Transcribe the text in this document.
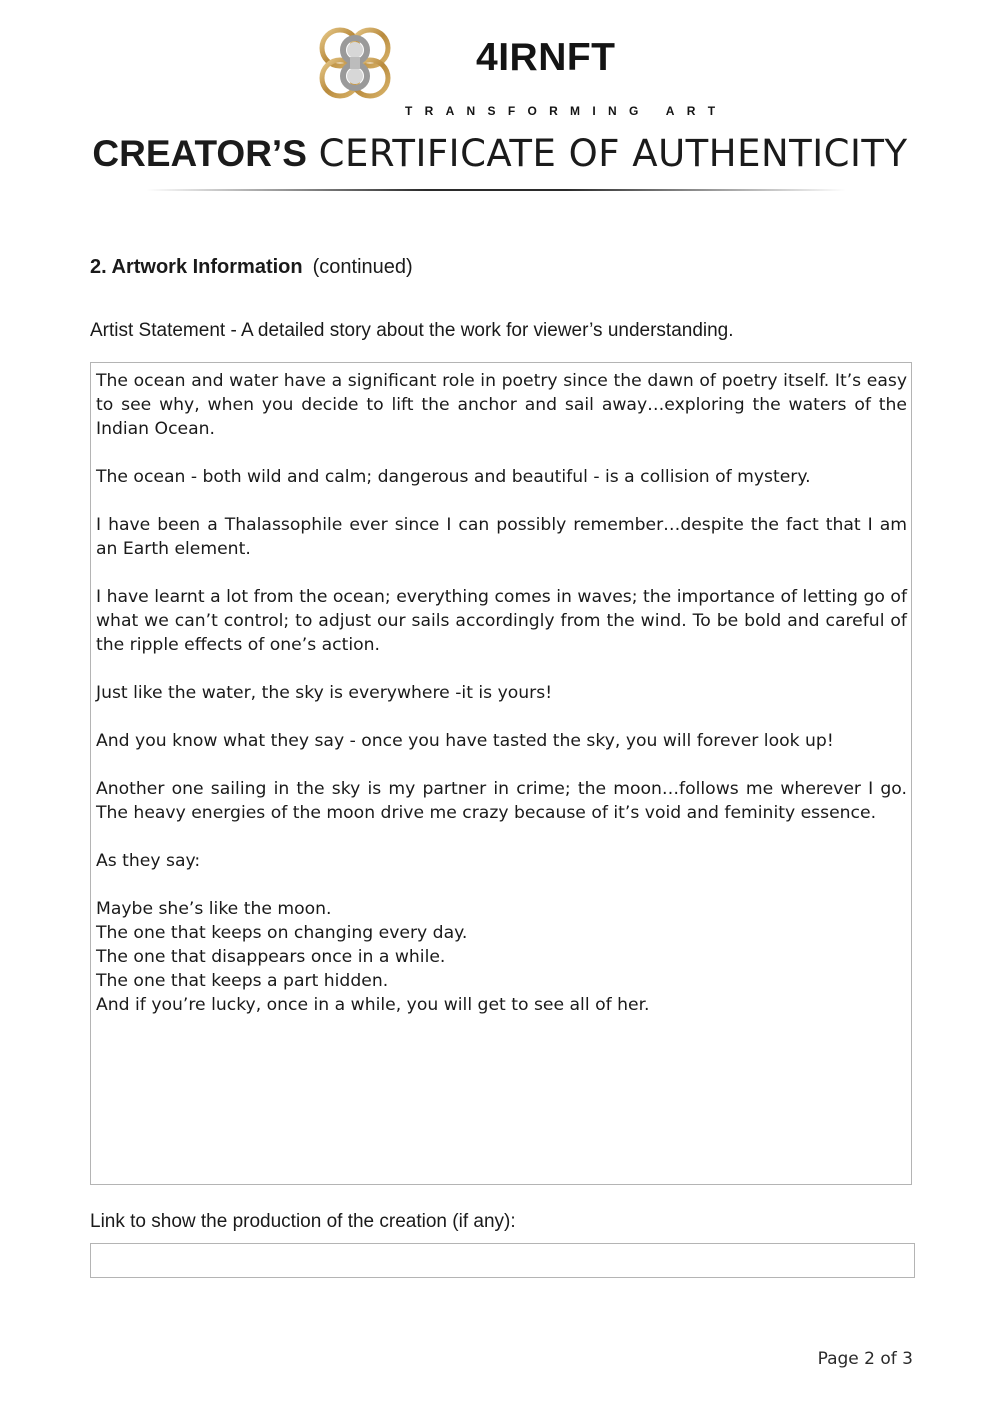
4IRNFT
TRANSFORMING ART
CREATOR’S CERTIFICATE OF AUTHENTICITY
2. Artwork Information (continued)
Artist Statement - A detailed story about the work for viewer’s understanding.

The ocean and water have a significant role in poetry since the dawn of poetry itself. It’s easy to see why, when you decide to lift the anchor and sail away…exploring the waters of the Indian Ocean.

The ocean - both wild and calm; dangerous and beautiful - is a collision of mystery.

I have been a Thalassophile ever since I can possibly remember…despite the fact that I am an Earth element.

I have learnt a lot from the ocean; everything comes in waves; the importance of letting go of what we can’t control; to adjust our sails accordingly from the wind. To be bold and careful of the ripple effects of one’s action.

Just like the water, the sky is everywhere -it is yours!

And you know what they say - once you have tasted the sky, you will forever look up!

Another one sailing in the sky is my partner in crime; the moon…follows me wherever I go. The heavy energies of the moon drive me crazy because of it’s void and feminity essence.

As they say:

Maybe she’s like the moon.
The one that keeps on changing every day.
The one that disappears once in a while.
The one that keeps a part hidden.
And if you’re lucky, once in a while, you will get to see all of her.
Link to show the production of the creation (if any):
Page 2 of 3
